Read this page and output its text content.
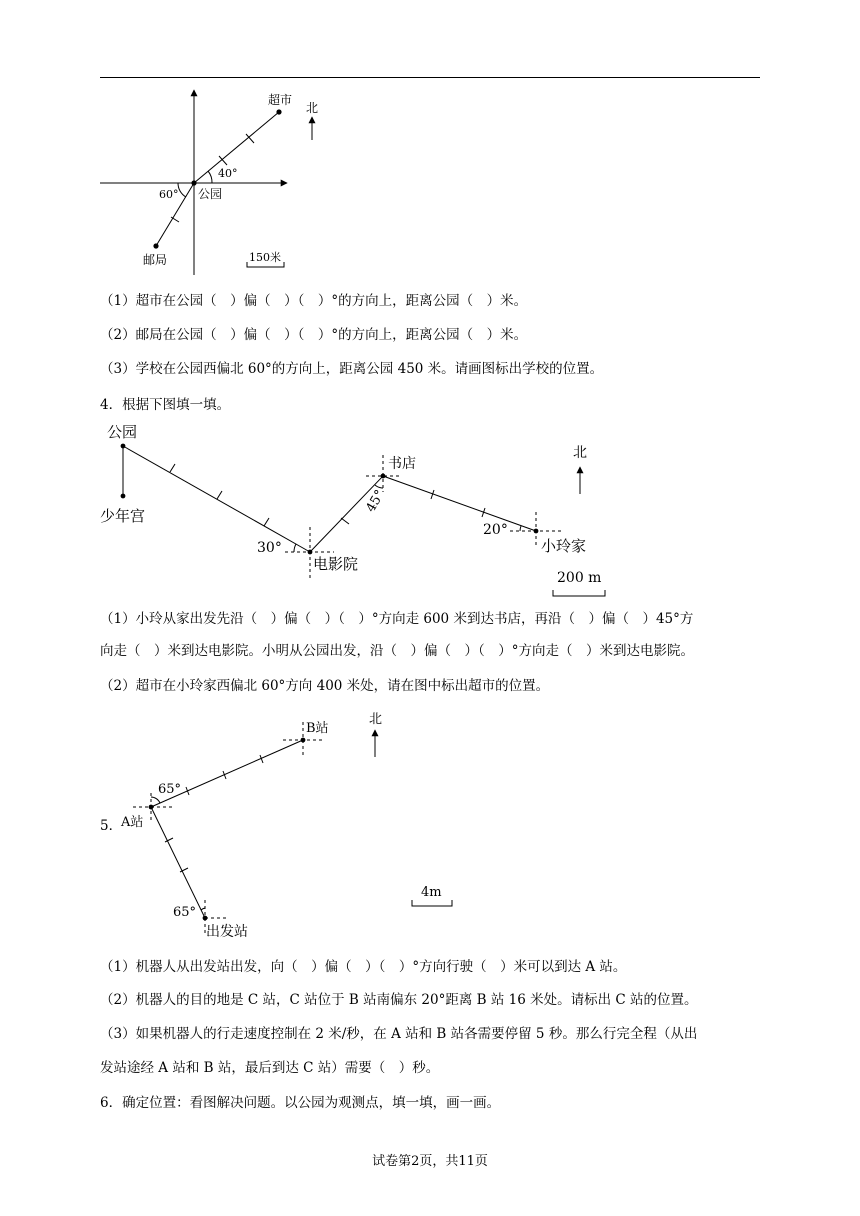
超市
北
40°
60° 公园
邮局	150米
（1）超市在公园（　）偏（　）（　）°的方向上，距离公园（　）米。
（2）邮局在公园（　）偏（　）（　）°的方向上，距离公园（　）米。
（3）学校在公园西偏北 60°的方向上，距离公园 450 米。请画图标出学校的位置。
4．根据下图填一填。
公园
少年宫
书店
北
45°
30°
20°
电影院
小玲家
200 m
（1）小玲从家出发先沿（　）偏（　）（　）°方向走 600 米到达书店，再沿（　）偏（　）45°方
向走（　）米到达电影院。小明从公园出发，沿（　）偏（　）（　）°方向走（　）米到达电影院。
（2）超市在小玲家西偏北 60°方向 400 米处，请在图中标出超市的位置。
B站
北
65°
A站
4m
65°
出发站
5．
（1）机器人从出发站出发，向（　）偏（　）（　）°方向行驶（　）米可以到达 A 站。
（2）机器人的目的地是 C 站，C 站位于 B 站南偏东 20°距离 B 站 16 米处。请标出 C 站的位置。
（3）如果机器人的行走速度控制在 2 米/秒，在 A 站和 B 站各需要停留 5 秒。那么行完全程（从出
发站途经 A 站和 B 站，最后到达 C 站）需要（　）秒。
6．确定位置：看图解决问题。以公园为观测点，填一填，画一画。
试卷第2页，共11页
